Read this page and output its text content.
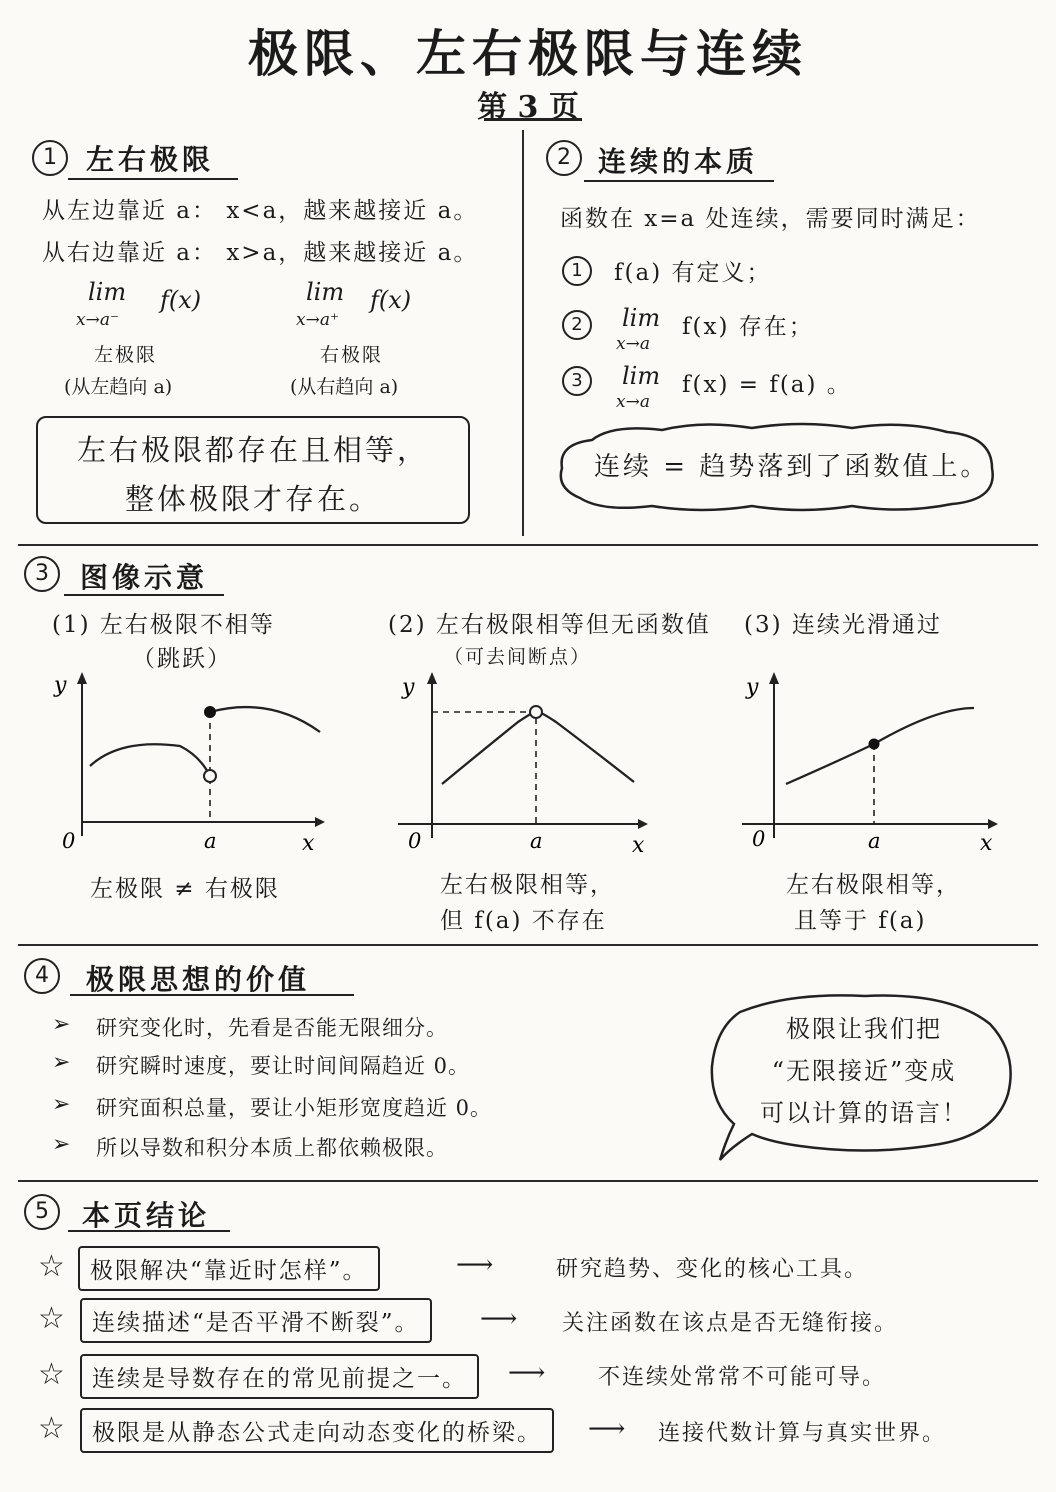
极限、左右极限与连续
第 3 页
1	左右极限
从左边靠近 a： x<a，越来越接近 a。
从右边靠近 a： x>a，越来越接近 a。
lim
x→a⁻
f(x)
左极限
(从左趋向 a)
lim
x→a⁺
f(x)
右极限
(从右趋向 a)
左右极限都存在且相等，
整体极限才存在。
2 连续的本质
函数在 x=a 处连续，需要同时满足：
1	f(a) 有定义；
2	lim
x→a
f(x) 存在；
3	lim
x→a
f(x) = f(a) 。
连续 = 趋势落到了函数值上。
3	图像示意
(1) 左右极限不相等
（跳跃）
(2) 左右极限相等但无函数值
（可去间断点）
(3) 连续光滑通过
y
x
0	a
y
x
0	a
y
x
0	a
左极限 ≠ 右极限	左右极限相等，
但 f(a) 不存在
左右极限相等，
且等于 f(a)
4	极限思想的价值
➢ 研究变化时，先看是否能无限细分。
➢ 研究瞬时速度，要让时间间隔趋近 0。
➢ 研究面积总量，要让小矩形宽度趋近 0。
➢ 所以导数和积分本质上都依赖极限。
极限让我们把
“无限接近”变成
可以计算的语言！
5	本页结论
☆	极限解决“靠近时怎样”。	⟶	研究趋势、变化的核心工具。
☆	连续描述“是否平滑不断裂”。	⟶ 关注函数在该点是否无缝衔接。
☆	连续是导数存在的常见前提之一。	⟶ 不连续处常常不可能可导。
☆	极限是从静态公式走向动态变化的桥梁。	⟶ 连接代数计算与真实世界。
